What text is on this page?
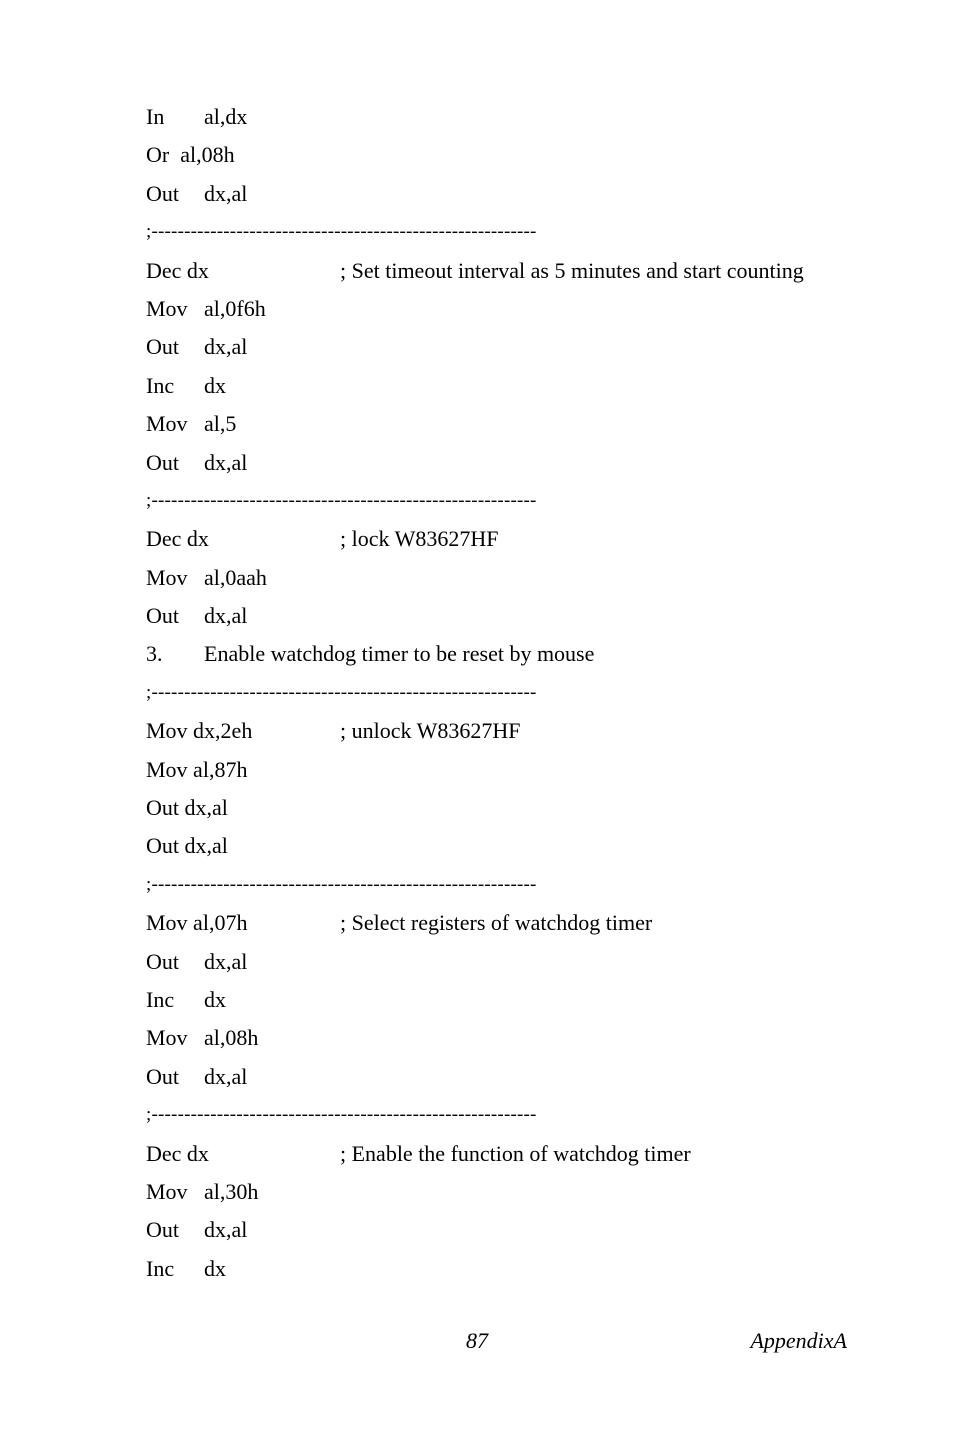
In al,dx
Or  al,08h
Out dx,al
;-----------------------------------------------------------
Dec dx	; Set timeout interval as 5 minutes and start counting
Mov al,0f6h
Out dx,al
Inc dx
Mov al,5
Out dx,al
;-----------------------------------------------------------
Dec dx	; lock W83627HF
Mov al,0aah
Out dx,al
3. Enable watchdog timer to be reset by mouse
;-----------------------------------------------------------
Mov dx,2eh	; unlock W83627HF
Mov al,87h
Out dx,al
Out dx,al
;-----------------------------------------------------------
Mov al,07h	; Select registers of watchdog timer
Out dx,al
Inc dx
Mov al,08h
Out dx,al
;-----------------------------------------------------------
Dec dx	; Enable the function of watchdog timer
Mov al,30h
Out dx,al
Inc dx
87	AppendixA
